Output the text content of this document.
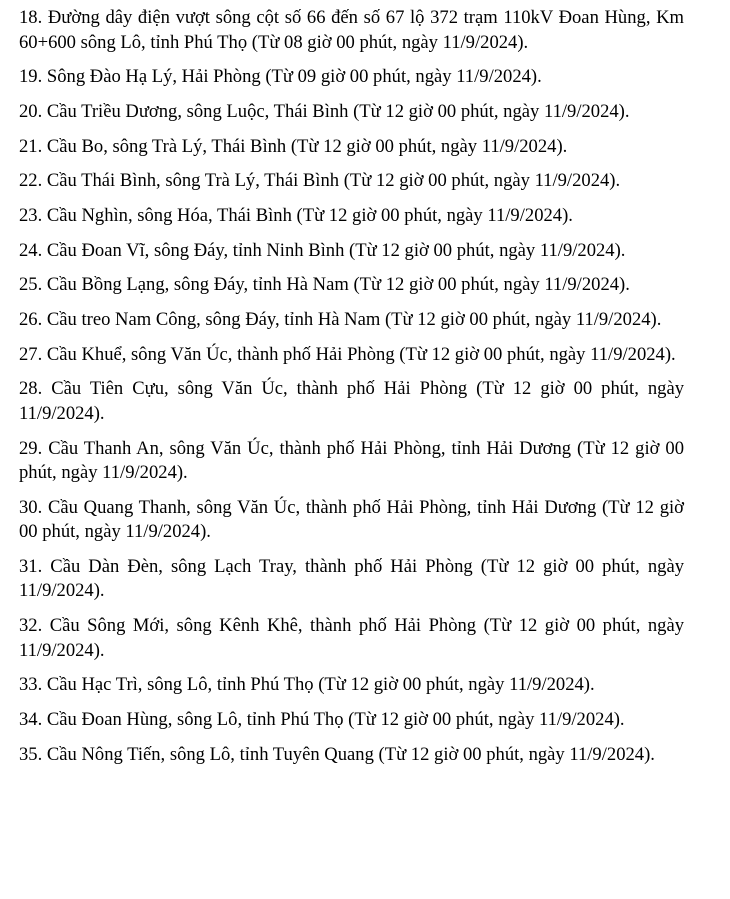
18. Đường dây điện vượt sông cột số 66 đến số 67 lộ 372 trạm 110kV Đoan Hùng, Km 60+600 sông Lô, tỉnh Phú Thọ (Từ 08 giờ 00 phút, ngày 11/9/2024).

19. Sông Đào Hạ Lý, Hải Phòng (Từ 09 giờ 00 phút, ngày 11/9/2024).

20. Cầu Triều Dương, sông Luộc, Thái Bình (Từ 12 giờ 00 phút, ngày 11/9/2024).

21. Cầu Bo, sông Trà Lý, Thái Bình (Từ 12 giờ 00 phút, ngày 11/9/2024).

22. Cầu Thái Bình, sông Trà Lý, Thái Bình (Từ 12 giờ 00 phút, ngày 11/9/2024).

23. Cầu Nghìn, sông Hóa, Thái Bình (Từ 12 giờ 00 phút, ngày 11/9/2024).

24. Cầu Đoan Vĩ, sông Đáy, tỉnh Ninh Bình (Từ 12 giờ 00 phút, ngày 11/9/2024).

25. Cầu Bồng Lạng, sông Đáy, tỉnh Hà Nam (Từ 12 giờ 00 phút, ngày 11/9/2024).

26. Cầu treo Nam Công, sông Đáy, tỉnh Hà Nam (Từ 12 giờ 00 phút, ngày 11/9/2024).

27. Cầu Khuể, sông Văn Úc, thành phố Hải Phòng (Từ 12 giờ 00 phút, ngày 11/9/2024).

28. Cầu Tiên Cựu, sông Văn Úc, thành phố Hải Phòng (Từ 12 giờ 00 phút, ngày 11/9/2024).

29. Cầu Thanh An, sông Văn Úc, thành phố Hải Phòng, tỉnh Hải Dương (Từ 12 giờ 00 phút, ngày 11/9/2024).

30. Cầu Quang Thanh, sông Văn Úc, thành phố Hải Phòng, tỉnh Hải Dương (Từ 12 giờ 00 phút, ngày 11/9/2024).

31. Cầu Dàn Đèn, sông Lạch Tray, thành phố Hải Phòng (Từ 12 giờ 00 phút, ngày 11/9/2024).

32. Cầu Sông Mới, sông Kênh Khê, thành phố Hải Phòng (Từ 12 giờ 00 phút, ngày 11/9/2024).

33. Cầu Hạc Trì, sông Lô, tỉnh Phú Thọ (Từ 12 giờ 00 phút, ngày 11/9/2024).

34. Cầu Đoan Hùng, sông Lô, tỉnh Phú Thọ (Từ 12 giờ 00 phút, ngày 11/9/2024).

35. Cầu Nông Tiến, sông Lô, tỉnh Tuyên Quang (Từ 12 giờ 00 phút, ngày 11/9/2024).
